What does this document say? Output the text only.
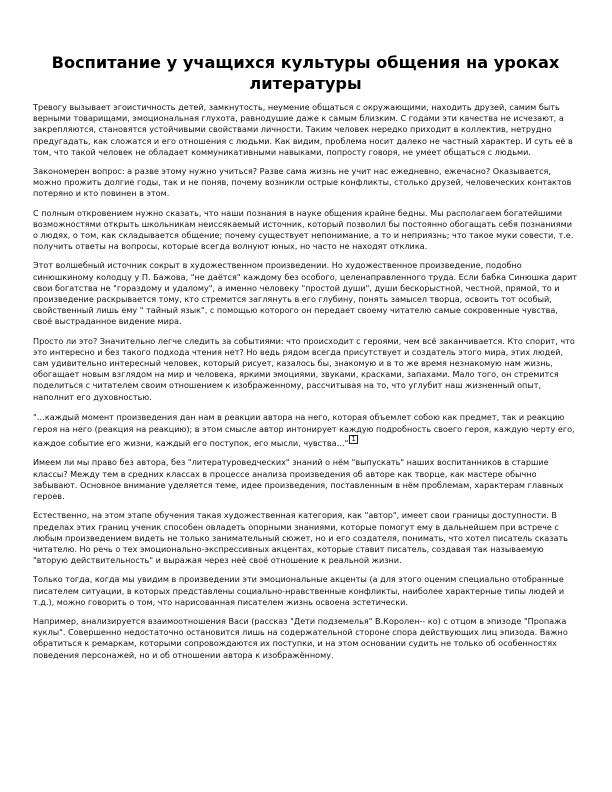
Воспитание у учащихся культуры общения на уроках литературы

Тревогу вызывает эгоистичность детей, замкнутость, неумение общаться с окружающими, находить друзей, самим быть верными товарищами, эмоциональная глухота, равнодушие даже к самым близким. С годами эти качества не исчезают, а закрепляются, становятся устойчивыми свойствами личности. Таким человек нередко приходит в коллектив, нетрудно предугадать, как сложатся и его отношения с людьми. Как видим, проблема носит далеко не частный характер. И суть её в том, что такой человек не обладает коммуникативными навыками, попросту говоря, не умеет общаться с людьми.

Закономерен вопрос: а разве этому нужно учиться? Разве сама жизнь не учит нас ежедневно, ежечасно? Оказывается, можно прожить долгие годы, так и не поняв, почему возникли острые конфликты, столько друзей, человеческих контактов потеряно и кто повинен в этом.

С полным откровением нужно сказать, что наши познания в науке общения крайне бедны. Мы располагаем богатейшими возможностями открыть школьникам неиссякаемый источник, который позволил бы постоянно обогащать себя познаниями о людях, о том, как складывается общение; почему существует непонимание, а то и неприязнь; что такое муки совести, т.е. получить ответы на вопросы, которые всегда волнуют юных, но часто не находят отклика.

Этот волшебный источник сокрыт в художественном произведении. Но художественное произведение, подобно синюшкиному колодцу у П. Бажова, "не даётся" каждому без особого, целенаправленного труда. Если бабка Синюшка дарит свои богатства не "гораздому и удалому", а именно человеку "простой души", души бескорыстной, честной, прямой, то и произведение раскрывается тому, кто стремится заглянуть в его глубину, понять замысел творца, освоить тот особый, свойственный лишь ему " тайный язык", с помощью которого он передает своему читателю самые сокровенные чувства, своё выстраданное видение мира.

Просто ли это? Значительно легче следить за событиями: что происходит с героями, чем всё заканчивается. Кто спорит, что это интересно и без такого подхода чтения нет? Но ведь рядом всегда присутствует и создатель этого мира, этих людей, сам удивительно интересный человек, который рисует, казалось бы, знакомую и в то же время незнакомую нам жизнь, обогащает новым взглядом на мир и человека, яркими эмоциями, звуками, красками, запахами. Мало того, он стремится поделиться с читателем своим отношением к изображенному, рассчитывая на то, что углубит наш жизненный опыт, наполнит его духовностью.

"…каждый момент произведения дан нам в реакции автора на него, которая объемлет собою как предмет, так и реакцию героя на него (реакция на реакцию); в этом смысле автор интонирует каждую подробность своего героя, каждую черту его, каждое событие его жизни, каждый его поступок, его мысли, чувства…" 1

Имеем ли мы право без автора, без "литературоведческих" знаний о нём "выпускать" наших воспитанников в старшие классы? Между тем в средних классах в процессе анализа произведения об авторе как творце, как мастере обычно забывают. Основное внимание уделяется теме, идее произведения, поставленным в нём проблемам, характерам главных героев.

Естественно, на этом этапе обучения такая художественная категория, как "автор", имеет свои границы доступности. В пределах этих границ ученик способен овладеть опорными знаниями, которые помогут ему в дальнейшем при встрече с любым произведением видеть не только занимательный сюжет, но и его создателя, понимать, что хотел писатель сказать читателю. Но речь о тех эмоционально-экспрессивных акцентах, которые ставит писатель, создавая так называемую "вторую действительность" и выражая через неё своё отношение к реальной жизни.

Только тогда, когда мы увидим в произведении эти эмоциональные акценты (а для этого оценим специально отобранные писателем ситуации, в которых представлены социально-нравственные конфликты, наиболее характерные типы людей и т.д.), можно говорить о том, что нарисованная писателем жизнь освоена эстетически.

Например, анализируется взаимоотношения Васи (рассказ "Дети подземелья" В.Королен-- ко) с отцом в эпизоде "Пропажа куклы". Совершенно недостаточно остановится лишь на содержательной стороне спора действующих лиц эпизода. Важно обратиться к ремаркам, которыми сопровождаются их поступки, и на этом основании судить не только об особенностях поведения персонажей, но и об отношении автора к изображённому.
